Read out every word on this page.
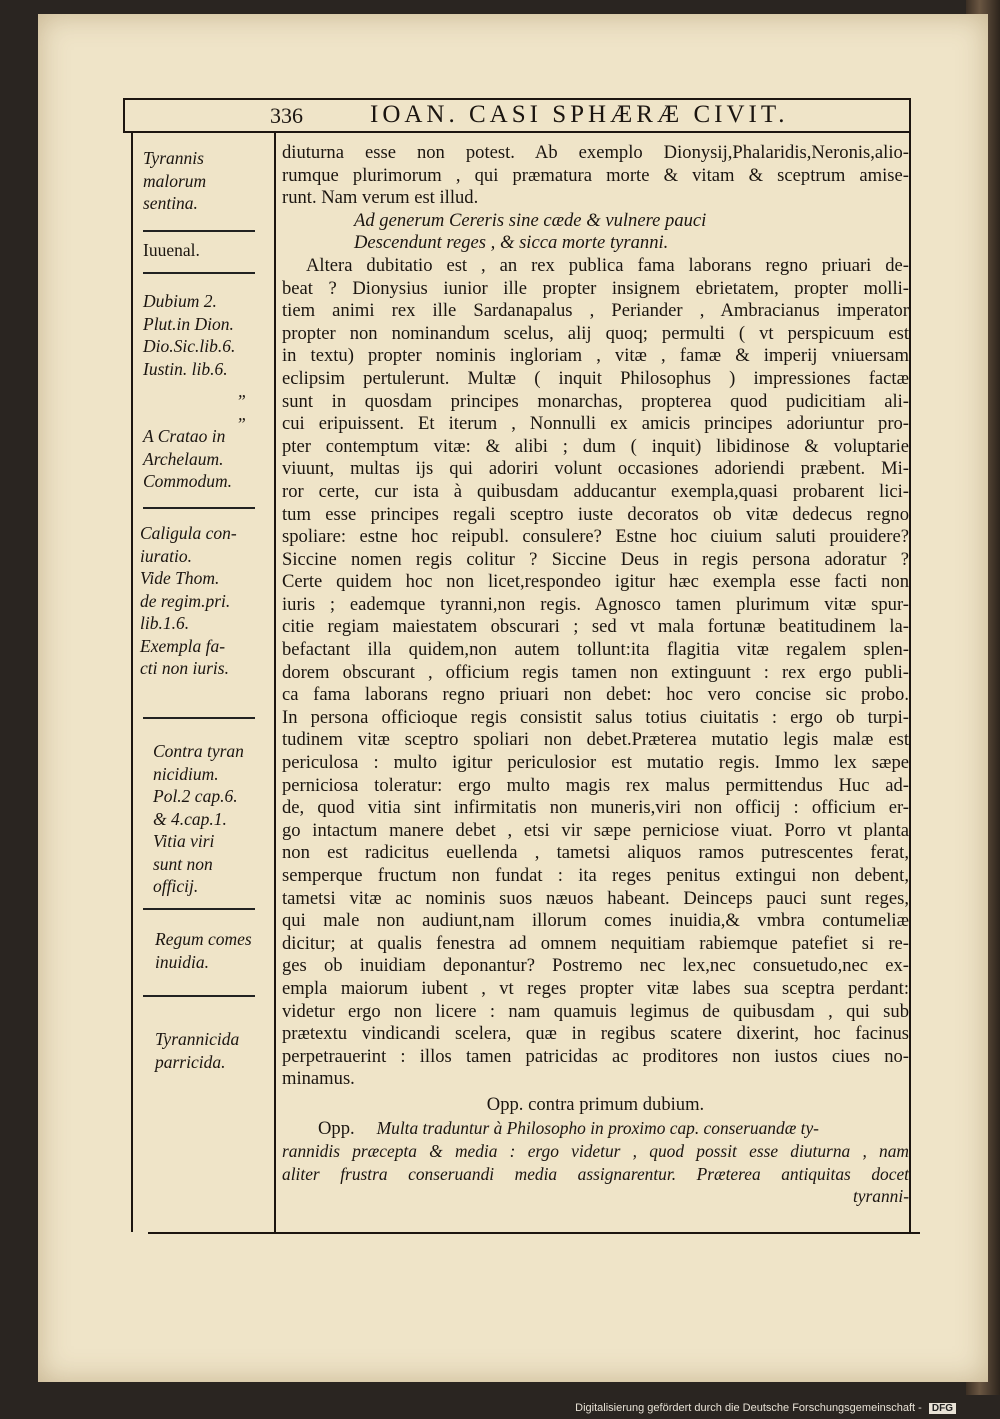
336	IOAN. CASI SPHÆRÆ CIVIT.
Tyrannis
malorum
sentina.
Iuuenal.
Dubium 2.
Plut.in Dion.
Dio.Sic.lib.6.
Iustin. lib.6.
„
„
A Cratao in
Archelaum.
Commodum.
Caligula con-
iuratio.
Vide Thom.
de regim.pri.
lib.1.6.
Exempla fa-
cti non iuris.
Contra tyran
nicidium.
Pol.2 cap.6.
& 4.cap.1.
Vitia viri
sunt non
officij.
Regum comes
inuidia.
Tyrannicida
parricida.

diuturna esse non potest. Ab exemplo Dionysij,Phalaridis,Neronis,alio-
rumque plurimorum , qui præmatura morte & vitam & sceptrum amise-
runt. Nam verum est illud.

Ad generum Cereris sine cæde & vulnere pauci
Descendunt reges , & sicca morte tyranni.

Altera dubitatio est , an rex publica fama laborans regno priuari de-
beat ? Dionysius iunior ille propter insignem ebrietatem, propter molli-
tiem animi rex ille Sardanapalus , Periander , Ambracianus imperator
propter non nominandum scelus, alij quoq; permulti ( vt perspicuum est
in textu) propter nominis ingloriam , vitæ , famæ & imperij vniuersam
eclipsim pertulerunt. Multæ ( inquit Philosophus ) impressiones factæ
sunt in quosdam principes monarchas, propterea quod pudicitiam ali-
cui eripuissent. Et iterum , Nonnulli ex amicis principes adoriuntur pro-
pter contemptum vitæ: & alibi ; dum ( inquit) libidinose & voluptarie
viuunt, multas ijs qui adoriri volunt occasiones adoriendi præbent. Mi-
ror certe, cur ista à quibusdam adducantur exempla,quasi probarent lici-
tum esse principes regali sceptro iuste decoratos ob vitæ dedecus regno
spoliare: estne hoc reipubl. consulere? Estne hoc ciuium saluti prouidere?
Siccine nomen regis colitur ? Siccine Deus in regis persona adoratur ?
Certe quidem hoc non licet,respondeo igitur hæc exempla esse facti non
iuris ; eademque tyranni,non regis. Agnosco tamen plurimum vitæ spur-
citie regiam maiestatem obscurari ; sed vt mala fortunæ beatitudinem la-
befactant illa quidem,non autem tollunt:ita flagitia vitæ regalem splen-
dorem obscurant , officium regis tamen non extinguunt : rex ergo publi-
ca fama laborans regno priuari non debet: hoc vero concise sic probo.
In persona officioque regis consistit salus totius ciuitatis : ergo ob turpi-
tudinem vitæ sceptro spoliari non debet.Præterea mutatio legis malæ est
periculosa : multo igitur periculosior est mutatio regis. Immo lex sæpe
perniciosa toleratur: ergo multo magis rex malus permittendus Huc ad-
de, quod vitia sint infirmitatis non muneris,viri non officij : officium er-
go intactum manere debet , etsi vir sæpe perniciose viuat. Porro vt planta
non est radicitus euellenda , tametsi aliquos ramos putrescentes ferat,
semperque fructum non fundat : ita reges penitus extingui non debent,
tametsi vitæ ac nominis suos næuos habeant. Deinceps pauci sunt reges,
qui male non audiunt,nam illorum comes inuidia,& vmbra contumeliæ
dicitur; at qualis fenestra ad omnem nequitiam rabiemque patefiet si re-
ges ob inuidiam deponantur? Postremo nec lex,nec consuetudo,nec ex-
empla maiorum iubent , vt reges propter vitæ labes sua sceptra perdant:
videtur ergo non licere : nam quamuis legimus de quibusdam , qui sub
prætextu vindicandi scelera, quæ in regibus scatere dixerint, hoc facinus
perpetrauerint : illos tamen patricidas ac proditores non iustos ciues no-
minamus.

Opp. contra primum dubium.

Opp. Multa traduntur à Philosopho in proximo cap. conseruandæ ty-
rannidis præcepta & media : ergo videtur , quod possit esse diuturna , nam
aliter frustra conseruandi media assignarentur. Præterea antiquitas docet
tyranni-

Digitalisierung gefördert durch die Deutsche Forschungsgemeinschaft - DFG
